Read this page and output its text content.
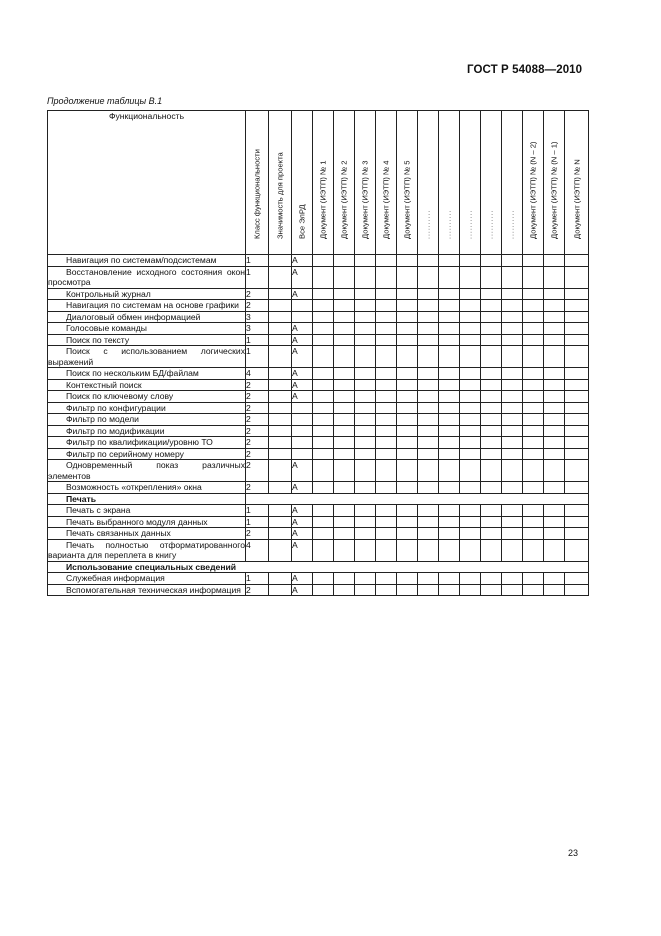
ГОСТ Р 54088—2010
Продолжение таблицы В.1
Функциональность	Класс функциональности	Значимость для проекта	Все ЭлРД	Документ (ИЭТП) № 1	Документ (ИЭТП) № 2	Документ (ИЭТП) № 3	Документ (ИЭТП) № 4	Документ (ИЭТП) № 5	..........	..........	..........	..........	..........	Документ (ИЭТП) № (N – 2)	Документ (ИЭТП) № (N – 1)	Документ (ИЭТП) № N

Навигация по системам/подсистемам	1		А													

Восстановление исходного состояния окон просмотра	1		А													

Контрольный журнал	2		А													

Навигация по системам на основе графики	2															

Диалоговый обмен информацией	3															

Голосовые команды	3		А													

Поиск по тексту	1		А													

Поиск с использованием логических выражений	1		А													

Поиск по нескольким БД/файлам	4		А													

Контекстный поиск	2		А													

Поиск по ключевому слову	2		А													

Фильтр по конфигурации	2															

Фильтр по модели	2															

Фильтр по модификации	2															

Фильтр по квалификации/уровню ТО	2															

Фильтр по серийному номеру	2															

Одновременный показ различных элементов	2		А													

Возможность «открепления» окна	2		А													

Печать																

Печать с экрана	1		А													

Печать выбранного модуля данных	1		А													

Печать связанных данных	2		А													

Печать полностью отформатированного варианта для переплета в книгу	4		А													

Использование специальных сведений																

Служебная информация	1		А													

Вспомогательная техническая информация	2		А													
23
